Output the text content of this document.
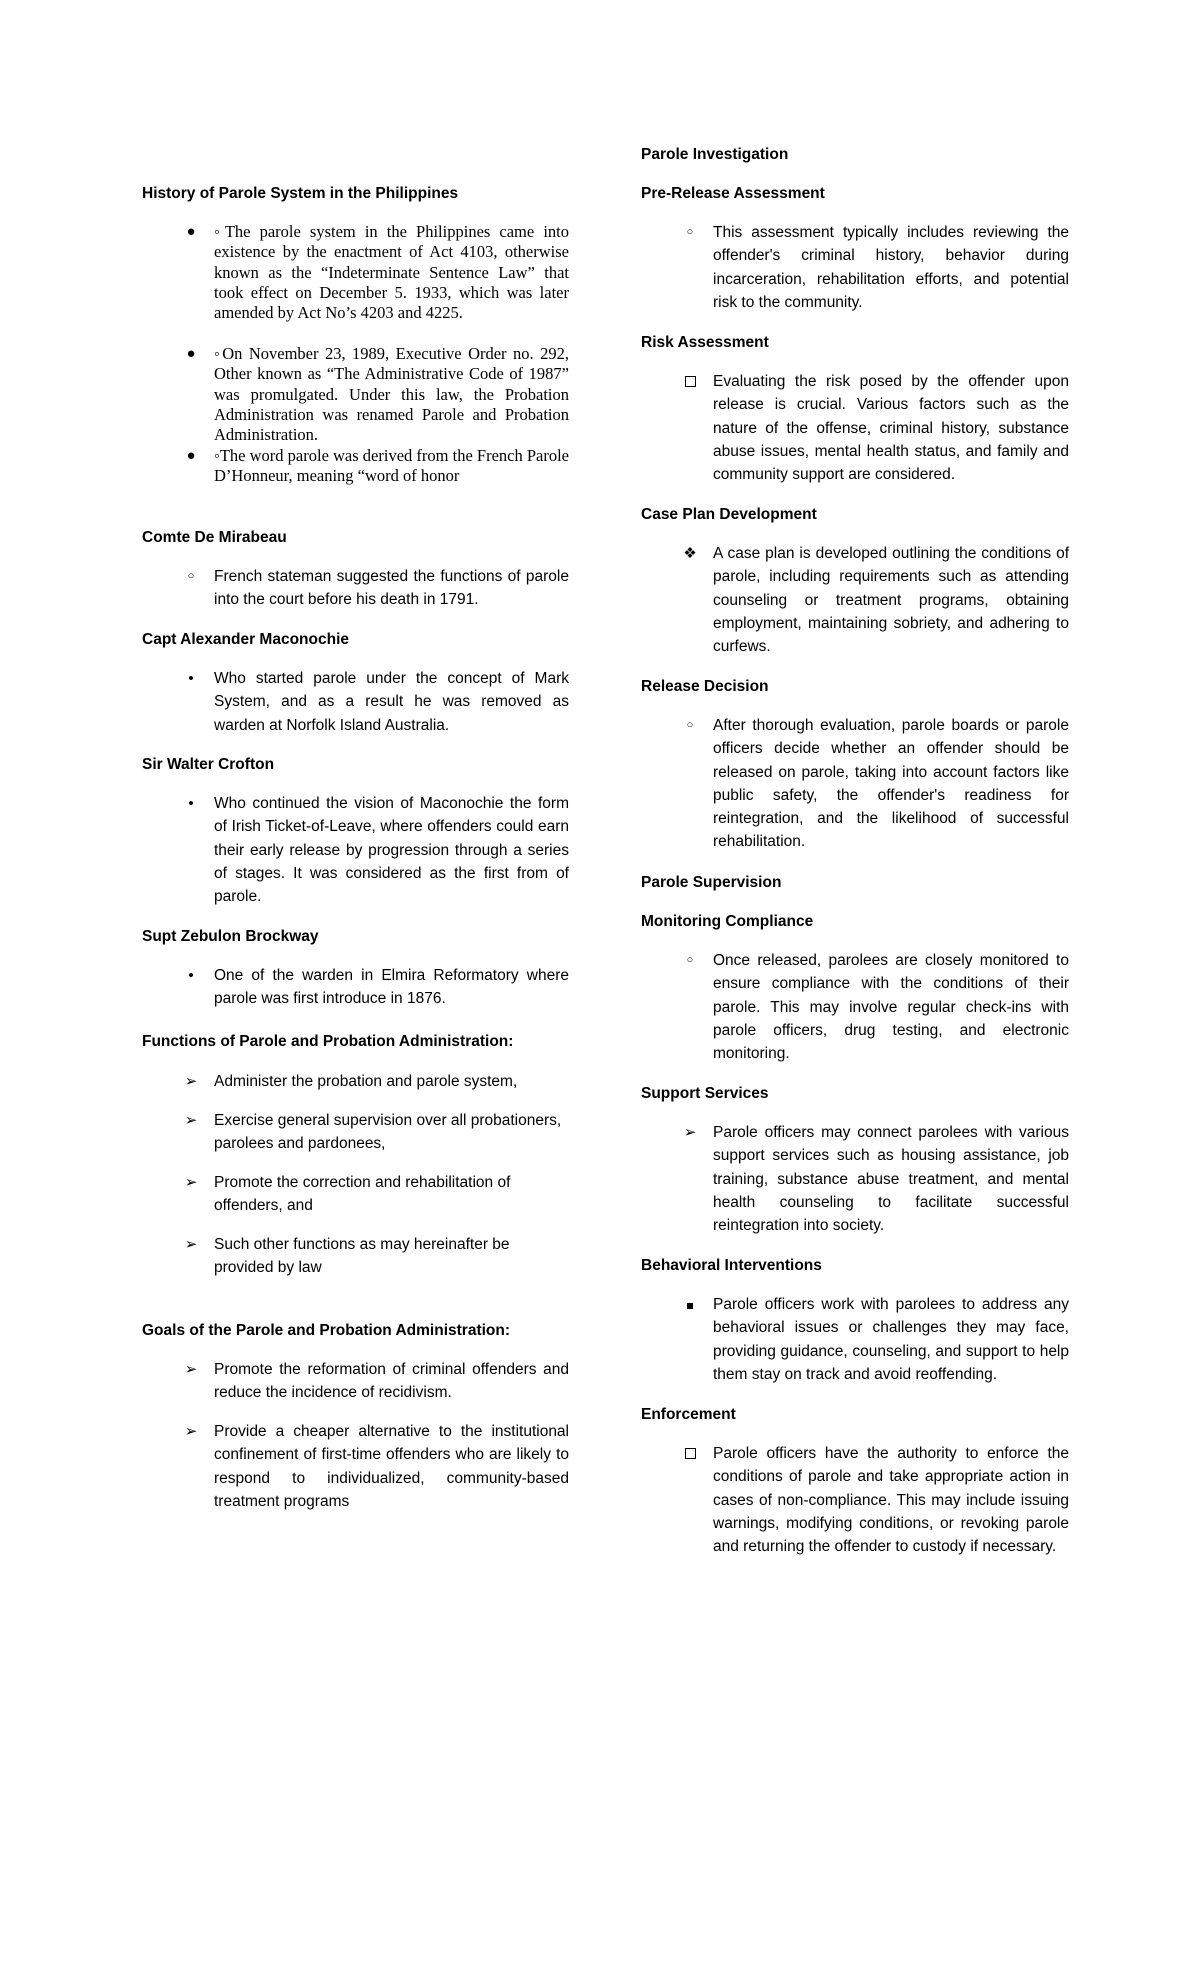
History of Parole System in the Philippines

●	◦The parole system in the Philippines came into existence by the enactment of Act 4103, otherwise known as the “Indeterminate Sentence Law” that took effect on December 5. 1933, which was later amended by Act No’s 4203 and 4225.

●	◦On November 23, 1989, Executive Order no. 292, Other known as “The Administrative Code of 1987” was promulgated. Under this law, the Probation Administration was renamed Parole and Probation Administration.

●	◦The word parole was derived from the French Parole D’Honneur, meaning “word of honor

Comte De Mirabeau

○	French stateman suggested the functions of parole into the court before his death in 1791.

Capt Alexander Maconochie

•	Who started parole under the concept of Mark System, and as a result he was removed as warden at Norfolk Island Australia.

Sir Walter Crofton

•	Who continued the vision of Maconochie the form of Irish Ticket-of-Leave, where offenders could earn their early release by progression through a series of stages. It was considered as the first from of parole.

Supt Zebulon Brockway

•	One of the warden in Elmira Reformatory where parole was first introduce in 1876.

Functions of Parole and Probation Administration:

➢	Administer the probation and parole system,

➢	Exercise general supervision over all probationers, parolees and pardonees,

➢	Promote the correction and rehabilitation of offenders, and

➢	Such other functions as may hereinafter be provided by law

Goals of the Parole and Probation Administration:

➢	Promote the reformation of criminal offenders and reduce the incidence of recidivism.

➢	Provide a cheaper alternative to the institutional confinement of first-time offenders who are likely to respond to individualized, community-based treatment programs

Parole Investigation

Pre-Release Assessment

○	This assessment typically includes reviewing the offender's criminal history, behavior during incarceration, rehabilitation efforts, and potential risk to the community.

Risk Assessment

Evaluating the risk posed by the offender upon release is crucial. Various factors such as the nature of the offense, criminal history, substance abuse issues, mental health status, and family and community support are considered.

Case Plan Development

❖	A case plan is developed outlining the conditions of parole, including requirements such as attending counseling or treatment programs, obtaining employment, maintaining sobriety, and adhering to curfews.

Release Decision

○	After thorough evaluation, parole boards or parole officers decide whether an offender should be released on parole, taking into account factors like public safety, the offender's readiness for reintegration, and the likelihood of successful rehabilitation.

Parole Supervision

Monitoring Compliance

○	Once released, parolees are closely monitored to ensure compliance with the conditions of their parole. This may involve regular check-ins with parole officers, drug testing, and electronic monitoring.

Support Services

➢	Parole officers may connect parolees with various support services such as housing assistance, job training, substance abuse treatment, and mental health counseling to facilitate successful reintegration into society.

Behavioral Interventions

Parole officers work with parolees to address any behavioral issues or challenges they may face, providing guidance, counseling, and support to help them stay on track and avoid reoffending.

Enforcement

Parole officers have the authority to enforce the conditions of parole and take appropriate action in cases of non-compliance. This may include issuing warnings, modifying conditions, or revoking parole and returning the offender to custody if necessary.
